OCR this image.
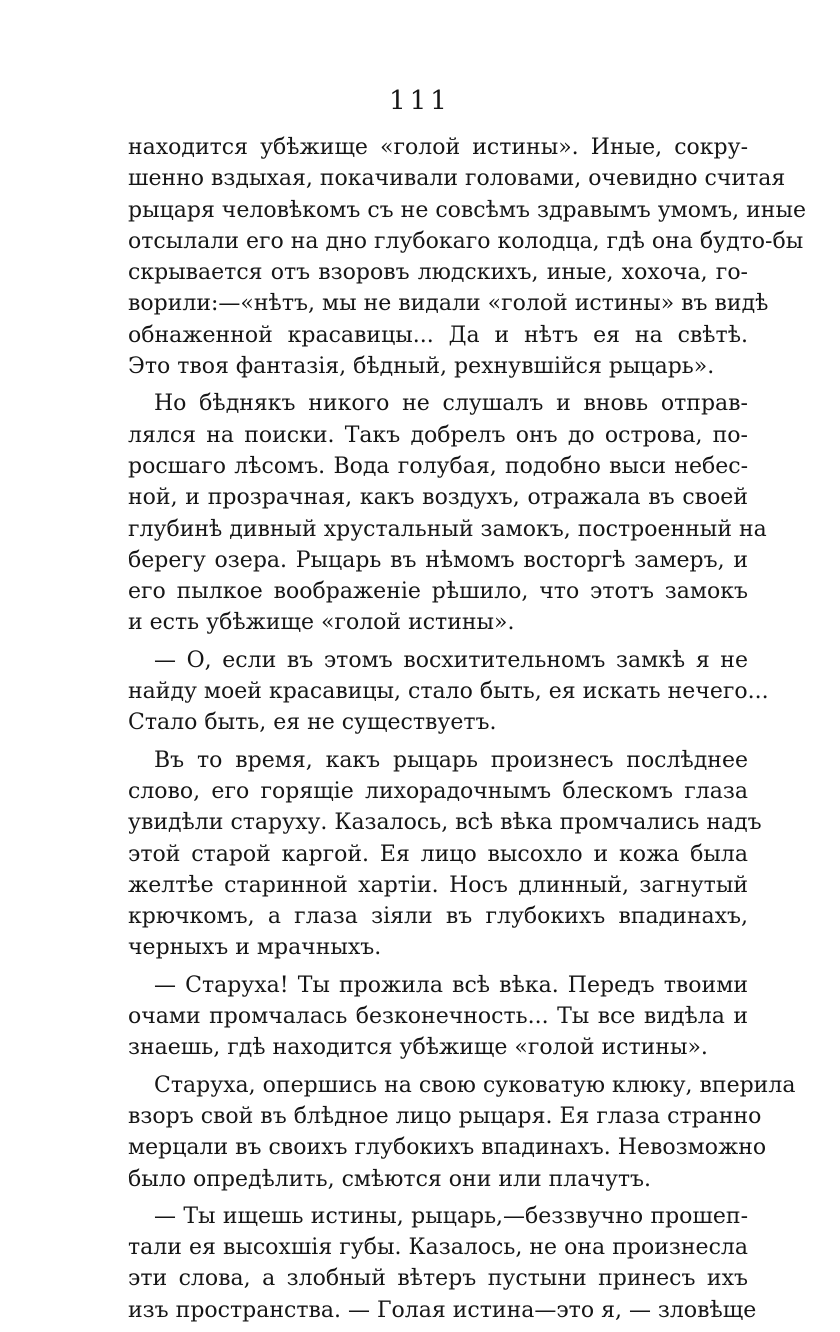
111
находится убѣжище «голой истины». Иные, сокру-
шенно вздыхая, покачивали головами, очевидно считая
рыцаря человѣкомъ съ не совсѣмъ здравымъ умомъ, иные
отсылали его на дно глубокаго колодца, гдѣ она будто-бы
скрывается отъ взоровъ людскихъ, иные, хохоча, го-
ворили:—«нѣтъ, мы не видали «голой истины» въ видѣ
обнаженной красавицы... Да и нѣтъ ея на свѣтѣ.
Это твоя фантазія, бѣдный, рехнувшійся рыцарь».
Но бѣднякъ никого не слушалъ и вновь отправ-
лялся на поиски. Такъ добрелъ онъ до острова, по-
росшаго лѣсомъ. Вода голубая, подобно выси небес-
ной, и прозрачная, какъ воздухъ, отражала въ своей
глубинѣ дивный хрустальный замокъ, построенный на
берегу озера. Рыцарь въ нѣмомъ восторгѣ замеръ, и
его пылкое воображеніе рѣшило, что этотъ замокъ
и есть убѣжище «голой истины».
— О, если въ этомъ восхитительномъ замкѣ я не
найду моей красавицы, стало быть, ея искать нечего...
Стало быть, ея не существуетъ.
Въ то время, какъ рыцарь произнесъ послѣднее
слово, его горящіе лихорадочнымъ блескомъ глаза
увидѣли старуху. Казалось, всѣ вѣка промчались надъ
этой старой каргой. Ея лицо высохло и кожа была
желтѣе старинной хартіи. Носъ длинный, загнутый
крючкомъ, а глаза зіяли въ глубокихъ впадинахъ,
черныхъ и мрачныхъ.
— Старуха! Ты прожила всѣ вѣка. Передъ твоими
очами промчалась безконечность... Ты все видѣла и
знаешь, гдѣ находится убѣжище «голой истины».
Старуха, опершись на свою суковатую клюку, вперила
взоръ свой въ блѣдное лицо рыцаря. Ея глаза странно
мерцали въ своихъ глубокихъ впадинахъ. Невозможно
было опредѣлить, смѣются они или плачутъ.
— Ты ищешь истины, рыцарь,—беззвучно прошеп-
тали ея высохшія губы. Казалось, не она произнесла
эти слова, а злобный вѣтеръ пустыни принесъ ихъ
изъ пространства. — Голая истина—это я, — зловѣще
